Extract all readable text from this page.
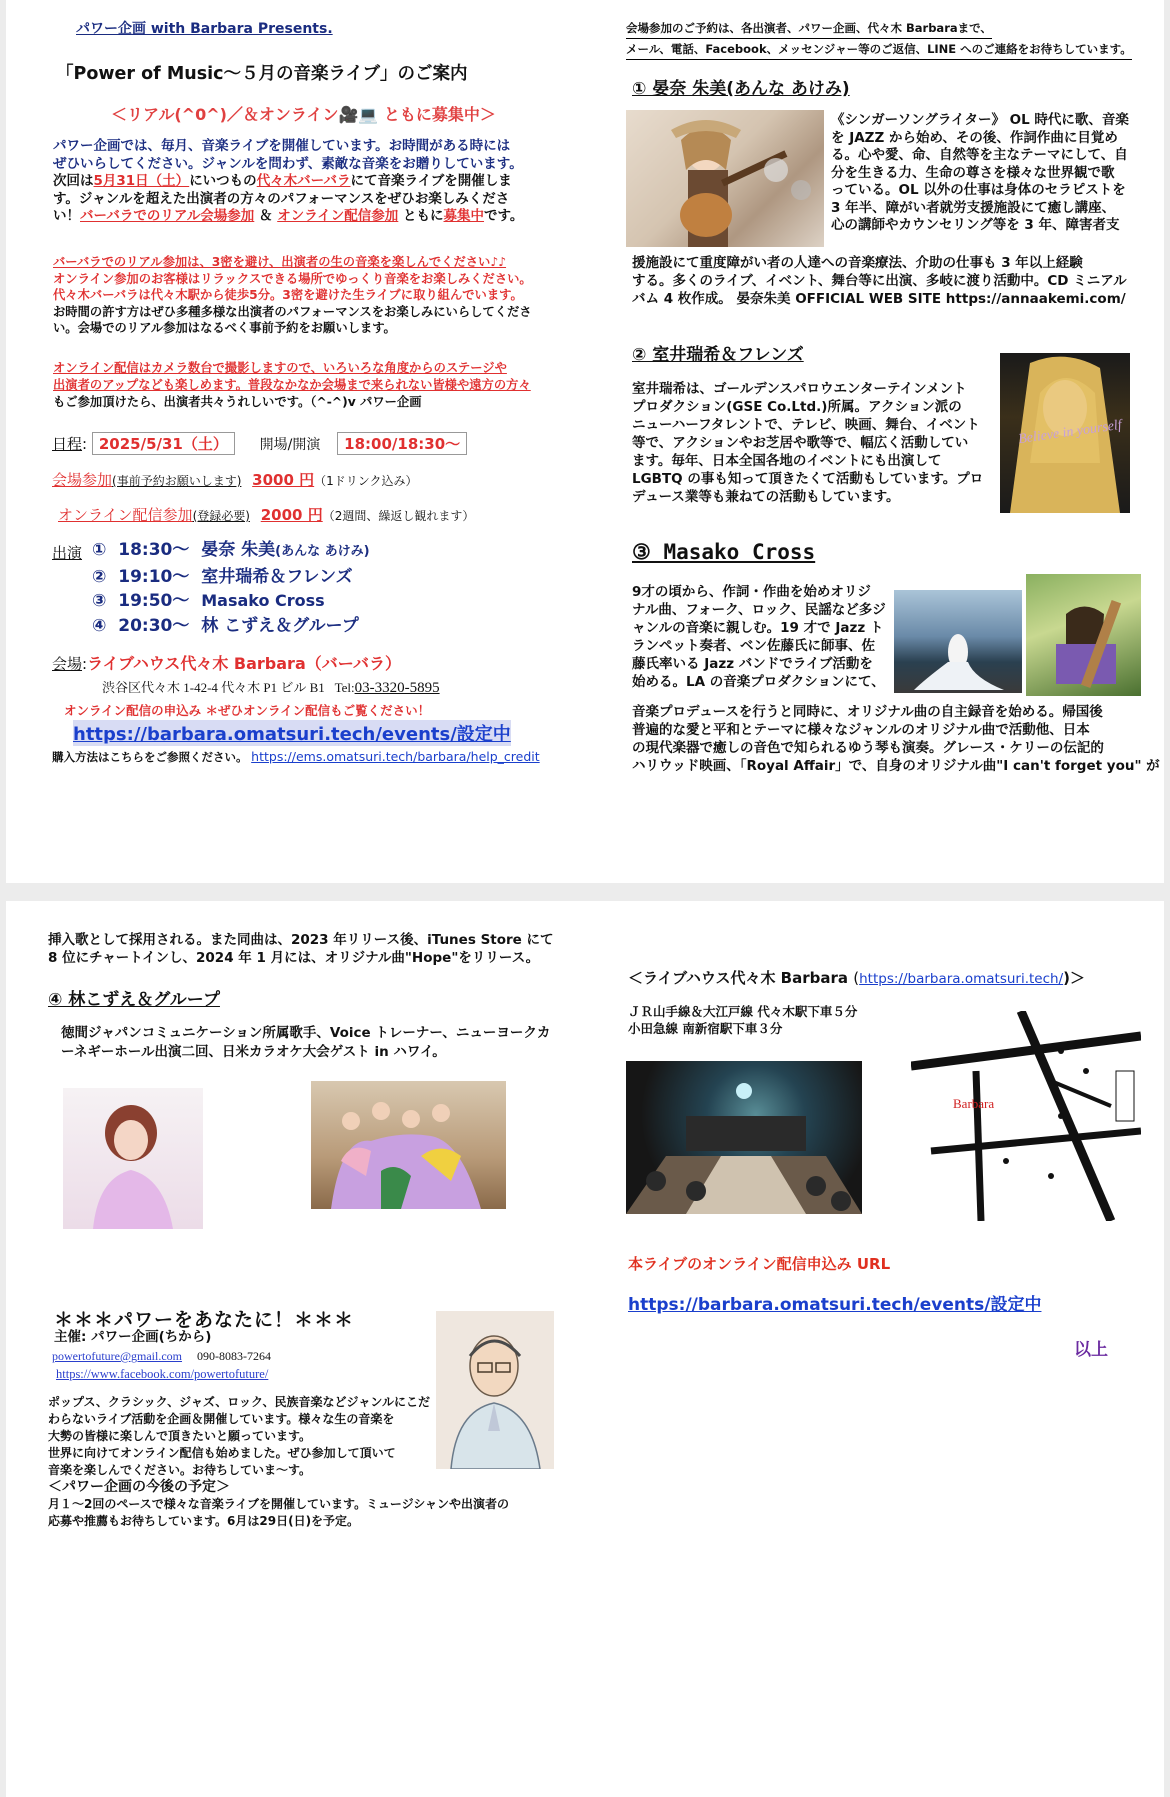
パワー企画 with Barbara Presents.
「Power of Music～５月の音楽ライブ」のご案内
＜リアル(^0^)／＆オンライン🎥💻 ともに募集中＞
パワー企画では、毎月、音楽ライブを開催しています。お時間がある時には
ぜひいらしてください。ジャンルを問わず、素敵な音楽をお贈りしています。
次回は5月31日（土）にいつもの代々木バーバラにて音楽ライブを開催しま
す。ジャンルを超えた出演者の方々のパフォーマンスをぜひお楽しみくださ
い！バーバラでのリアル会場参加 ＆ オンライン配信参加 ともに募集中です。
バーバラでのリアル参加は、3密を避け、出演者の生の音楽を楽しんでください♪♪
オンライン参加のお客様はリラックスできる場所でゆっくり音楽をお楽しみください。
代々木バーバラは代々木駅から徒歩5分。3密を避けた生ライブに取り組んでいます。
お時間の許す方はぜひ多種多様な出演者のパフォーマンスをお楽しみにいらしてくださ
い。会場でのリアル参加はなるべく事前予約をお願いします。
オンライン配信はカメラ数台で撮影しますので、いろいろな角度からのステージや
出演者のアップなども楽しめます。普段なかなか会場まで来られない皆様や遠方の方々
もご参加頂けたら、出演者共々うれしいです。（^-^)v パワー企画
日程: 2025/5/31（土） 開場/開演 18:00/18:30～
会場参加(事前予約お願いします) 3000 円（1ドリンク込み）
オンライン配信参加(登録必要) 2000 円（2週間、繰返し観れます）
出演 ① 18:30～ 晏奈 朱美(あんな あけみ)
② 19:10～ 室井瑞希＆フレンズ
③ 19:50～ Masako Cross
④ 20:30～ 林 こずえ＆グループ
会場:ライブハウス代々木 Barbara（バーバラ）
渋谷区代々木 1-42-4 代々木 P1 ビル B1 Tel:03-3320-5895
オンライン配信の申込み ＊ぜひオンライン配信もご覧ください！
https://barbara.omatsuri.tech/events/設定中
購入方法はこちらをご参照ください。 https://ems.omatsuri.tech/barbara/help_credit
会場参加のご予約は、各出演者、パワー企画、代々木 Barbaraまで、
メール、電話、Facebook、メッセンジャー等のご返信、LINE へのご連絡をお待ちしています。
① 晏奈 朱美(あんな あけみ)
《シンガーソングライター》 OL 時代に歌、音楽
を JAZZ から始め、その後、作詞作曲に目覚め
る。心や愛、命、自然等を主なテーマにして、自
分を生きる力、生命の尊さを様々な世界観で歌
っている。OL 以外の仕事は身体のセラピストを
3 年半、障がい者就労支援施設にて癒し講座、
心の講師やカウンセリング等を 3 年、障害者支
援施設にて重度障がい者の人達への音楽療法、介助の仕事も 3 年以上経験
する。多くのライブ、イベント、舞台等に出演、多岐に渡り活動中。CD ミニアル
バム 4 枚作成。 晏奈朱美 OFFICIAL WEB SITE https://annaakemi.com/
② 室井瑞希＆フレンズ
室井瑞希は、ゴールデンスパロウエンターテインメント
プロダクション(GSE Co.Ltd.)所属。アクション派の
ニューハーフタレントで、テレビ、映画、舞台、イベント
等で、アクションやお芝居や歌等で、幅広く活動してい
ます。毎年、日本全国各地のイベントにも出演して
LGBTQ の事も知って頂きたくて活動もしています。プロ
デュース業等も兼ねての活動もしています。
Believe in yourself
③ Masako Cross
9才の頃から、作詞・作曲を始めオリジ
ナル曲、フォーク、ロック、民謡など多ジ
ャンルの音楽に親しむ。19 才で Jazz ト
ランペット奏者、ベン佐藤氏に師事、佐
藤氏率いる Jazz バンドでライブ活動を
始める。LA の音楽プロダクションにて、
音楽プロデュースを行うと同時に、オリジナル曲の自主録音を始める。帰国後
普遍的な愛と平和とテーマに様々なジャンルのオリジナル曲で活動他、日本
の現代楽器で癒しの音色で知られるゆう琴も演奏。グレース・ケリーの伝記的
ハリウッド映画、「Royal Affair」で、自身のオリジナル曲"I can't forget you" が
挿入歌として採用される。また同曲は、2023 年リリース後、iTunes Store にて
8 位にチャートインし、2024 年 1 月には、オリジナル曲"Hope"をリリース。
④ 林こずえ＆グループ
徳間ジャパンコミュニケーション所属歌手、Voice トレーナー、ニューヨークカ
ーネギーホール出演二回、日米カラオケ大会ゲスト in ハワイ。
＊＊＊パワーをあなたに！＊＊＊
主催: パワー企画(ちから)
powertofuture@gmail.com 090-8083-7264
https://www.facebook.com/powertofuture/
ポップス、クラシック、ジャズ、ロック、民族音楽などジャンルにこだ
わらないライブ活動を企画＆開催しています。様々な生の音楽を
大勢の皆様に楽しんで頂きたいと願っています。
世界に向けてオンライン配信も始めました。ぜひ参加して頂いて
音楽を楽しんでください。お待ちしていま～す。
＜パワー企画の今後の予定＞
月１～2回のペースで様々な音楽ライブを開催しています。ミュージシャンや出演者の
応募や推薦もお待ちしています。6月は29日(日)を予定。
＜ライブハウス代々木 Barbara (https://barbara.omatsuri.tech/)＞
ＪＲ山手線＆大江戸線 代々木駅下車５分
小田急線 南新宿駅下車３分
Barbara
本ライブのオンライン配信申込み URL
https://barbara.omatsuri.tech/events/設定中
以上
